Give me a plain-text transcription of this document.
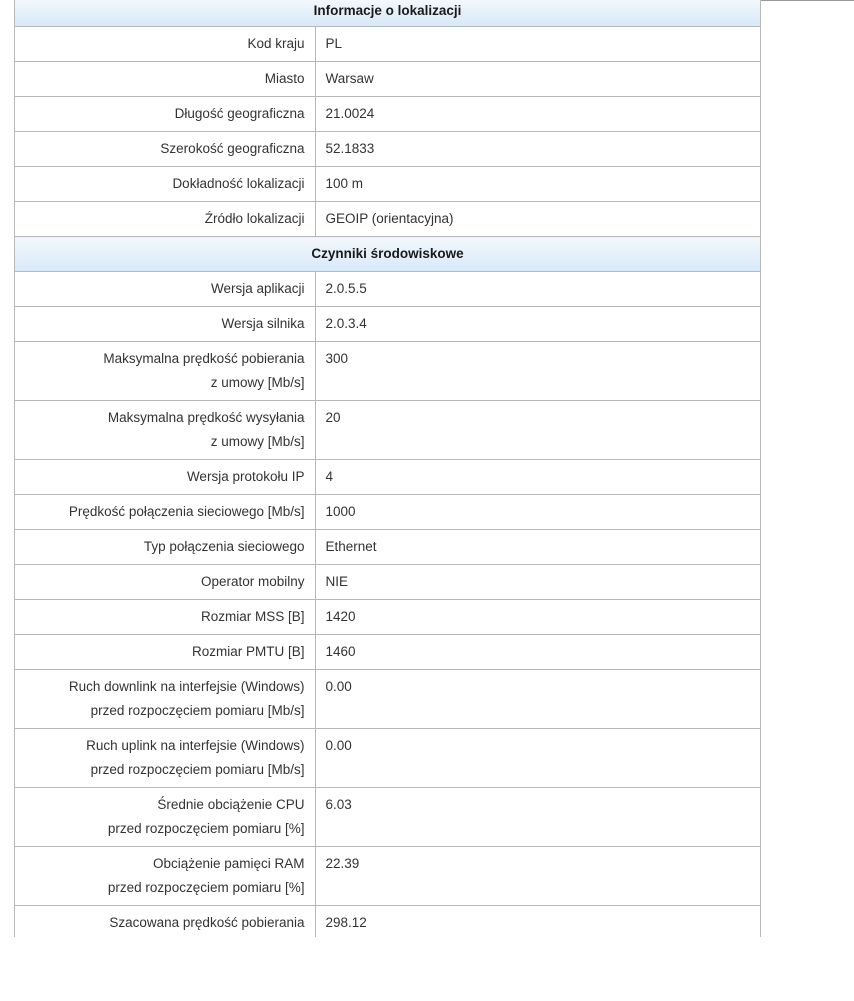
Informacje o lokalizacji	

Kod kraju	PL

Miasto	Warsaw

Długość geograficzna	21.0024

Szerokość geograficzna	52.1833

Dokładność lokalizacji	100 m

Źródło lokalizacji	GEOIP (orientacyjna)
Czynniki środowiskowe	

Wersja aplikacji	2.0.5.5

Wersja silnika	2.0.3.4

Maksymalna prędkość pobierania
z umowy [Mb/s]	300

Maksymalna prędkość wysyłania
z umowy [Mb/s]	20

Wersja protokołu IP	4

Prędkość połączenia sieciowego [Mb/s]	1000

Typ połączenia sieciowego	Ethernet

Operator mobilny	NIE

Rozmiar MSS [B]	1420

Rozmiar PMTU [B]	1460

Ruch downlink na interfejsie (Windows)
przed rozpoczęciem pomiaru [Mb/s]	0.00

Ruch uplink na interfejsie (Windows)
przed rozpoczęciem pomiaru [Mb/s]	0.00

Średnie obciążenie CPU
przed rozpoczęciem pomiaru [%]	6.03

Obciążenie pamięci RAM
przed rozpoczęciem pomiaru [%]	22.39

Szacowana prędkość pobierania	298.12
